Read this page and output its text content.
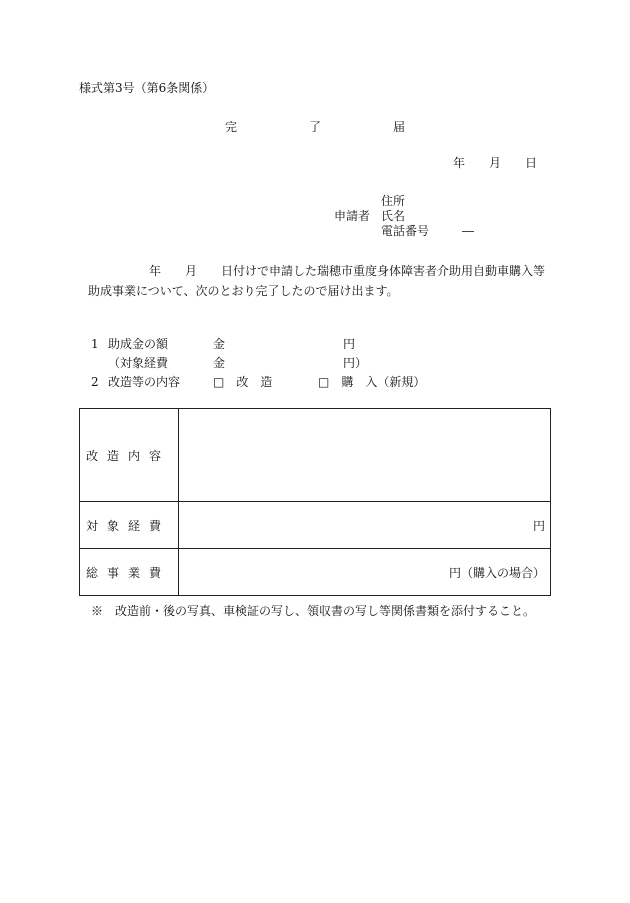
様式第3号（第6条関係）
完　　　　　　了　　　　　　届
年　　月　　日
住所
申請者 氏名
電話番号	―
年　　月　　日付けで申請した瑞穂市重度身体障害者介助用自動車購入等助成事業について、次のとおり完了したので届け出ます。
1 助成金の額	金	円
（対象経費	金	円）
2 改造等の内容	□　改　造	□　購　入（新規）
改造内容	
対象経費	円
総事業費	円（購入の場合）
※　改造前・後の写真、車検証の写し、領収書の写し等関係書類を添付すること。
